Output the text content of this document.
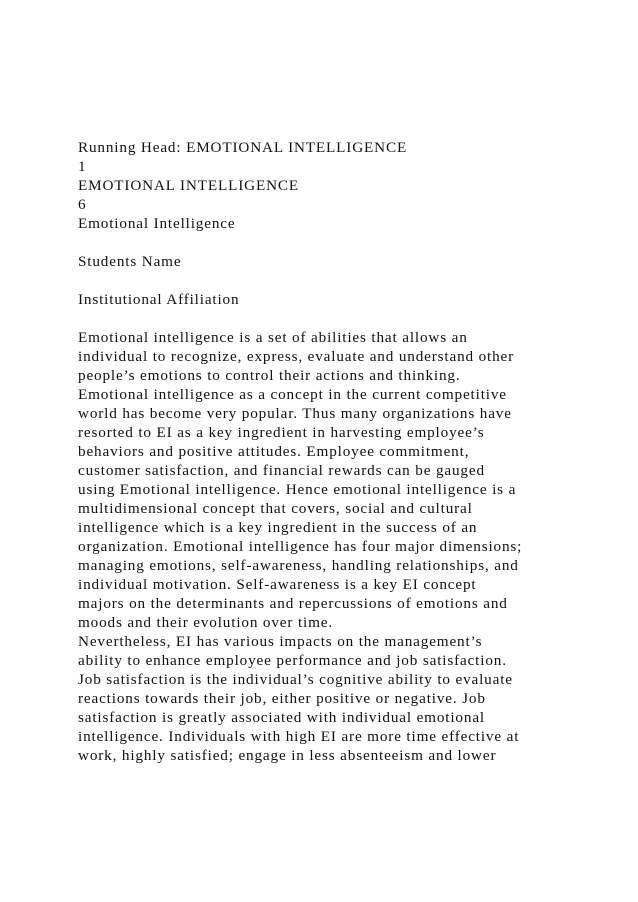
Running Head: EMOTIONAL INTELLIGENCE
1
EMOTIONAL INTELLIGENCE
6
Emotional Intelligence
Students Name
Institutional Affiliation
Emotional intelligence is a set of abilities that allows an
individual to recognize, express, evaluate and understand other
people’s emotions to control their actions and thinking.
Emotional intelligence as a concept in the current competitive
world has become very popular. Thus many organizations have
resorted to EI as a key ingredient in harvesting employee’s
behaviors and positive attitudes. Employee commitment,
customer satisfaction, and financial rewards can be gauged
using Emotional intelligence. Hence emotional intelligence is a
multidimensional concept that covers, social and cultural
intelligence which is a key ingredient in the success of an
organization. Emotional intelligence has four major dimensions;
managing emotions, self-awareness, handling relationships, and
individual motivation. Self-awareness is a key EI concept
majors on the determinants and repercussions of emotions and
moods and their evolution over time.
Nevertheless, EI has various impacts on the management’s
ability to enhance employee performance and job satisfaction.
Job satisfaction is the individual’s cognitive ability to evaluate
reactions towards their job, either positive or negative. Job
satisfaction is greatly associated with individual emotional
intelligence. Individuals with high EI are more time effective at
work, highly satisfied; engage in less absenteeism and lower
